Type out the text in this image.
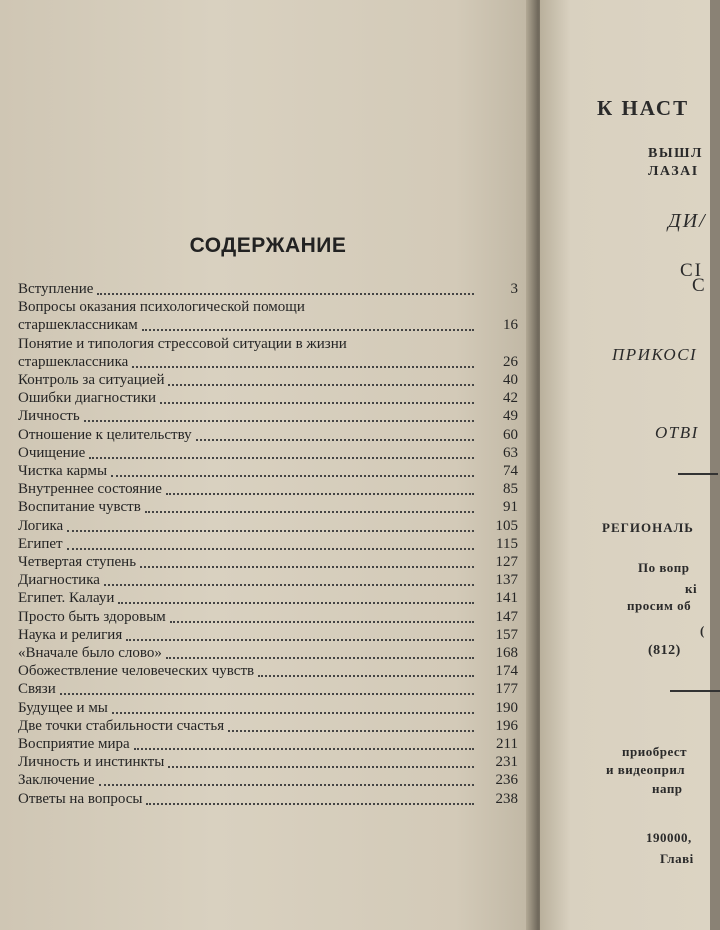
СОДЕРЖАНИЕ
Вступление	3
Вопросы оказания психологической помощи
старшеклассникам	16
Понятие и типология стрессовой ситуации в жизни
старшеклассника	26
Контроль за ситуацией	40
Ошибки диагностики	42
Личность	49
Отношение к целительству	60
Очищение	63
Чистка кармы	74
Внутреннее состояние	85
Воспитание чувств	91
Логика	105
Египет	115
Четвертая ступень	127
Диагностика	137
Египет. Калауи	141
Просто быть здоровым	147
Наука и религия	157
«Вначале было слово»	168
Обожествление человеческих чувств	174
Связи	177
Будущее и мы	190
Две точки стабильности счастья	196
Восприятие мира	211
Личность и инстинкты	231
Заключение	236
Ответы на вопросы	238
К НАСТ
ВЫШЛ
ЛАЗАІ
ДИ/
СІ
С
ПРИКОСІ
ОТВІ
РЕГИОНАЛЬ
По вопр
кі
просим об
(
(812)
приобрест
и видеоприл
напр
190000,
Главі
